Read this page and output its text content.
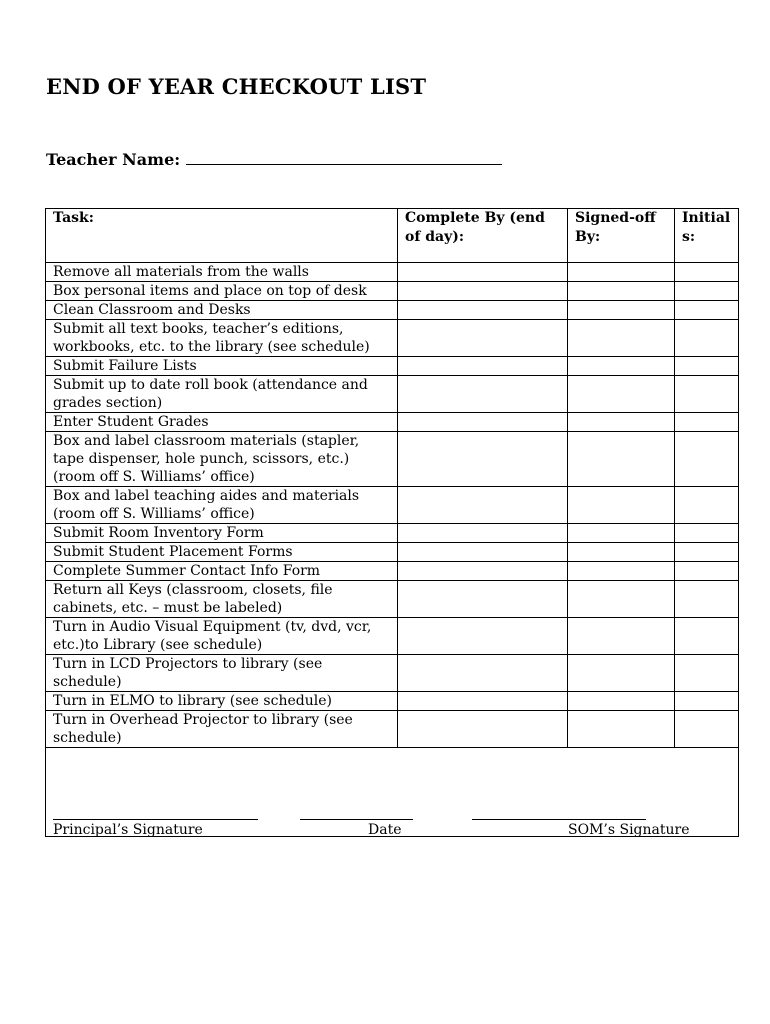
END OF YEAR CHECKOUT LIST
Teacher Name:
Task:	Complete By (end of day):	Signed-off By:	Initials:
Remove all materials from the walls			
Box personal items and place on top of desk			
Clean Classroom and Desks			
Submit all text books, teacher’s editions, workbooks, etc. to the library (see schedule)			
Submit Failure Lists			
Submit up to date roll book (attendance and grades section)			
Enter Student Grades			
Box and label classroom materials (stapler, tape dispenser, hole punch, scissors, etc.) (room off S. Williams’ office)			
Box and label teaching aides and materials (room off S. Williams’ office)			
Submit Room Inventory Form			
Submit Student Placement Forms			
Complete Summer Contact Info Form			
Return all Keys (classroom, closets, file cabinets, etc. – must be labeled)			
Turn in Audio Visual Equipment (tv, dvd, vcr, etc.)to Library (see schedule)			
Turn in LCD Projectors to library (see schedule)			
Turn in ELMO to library (see schedule)			
Turn in Overhead Projector to library (see schedule)			

Principal’s Signature Date SOM’s Signature			
